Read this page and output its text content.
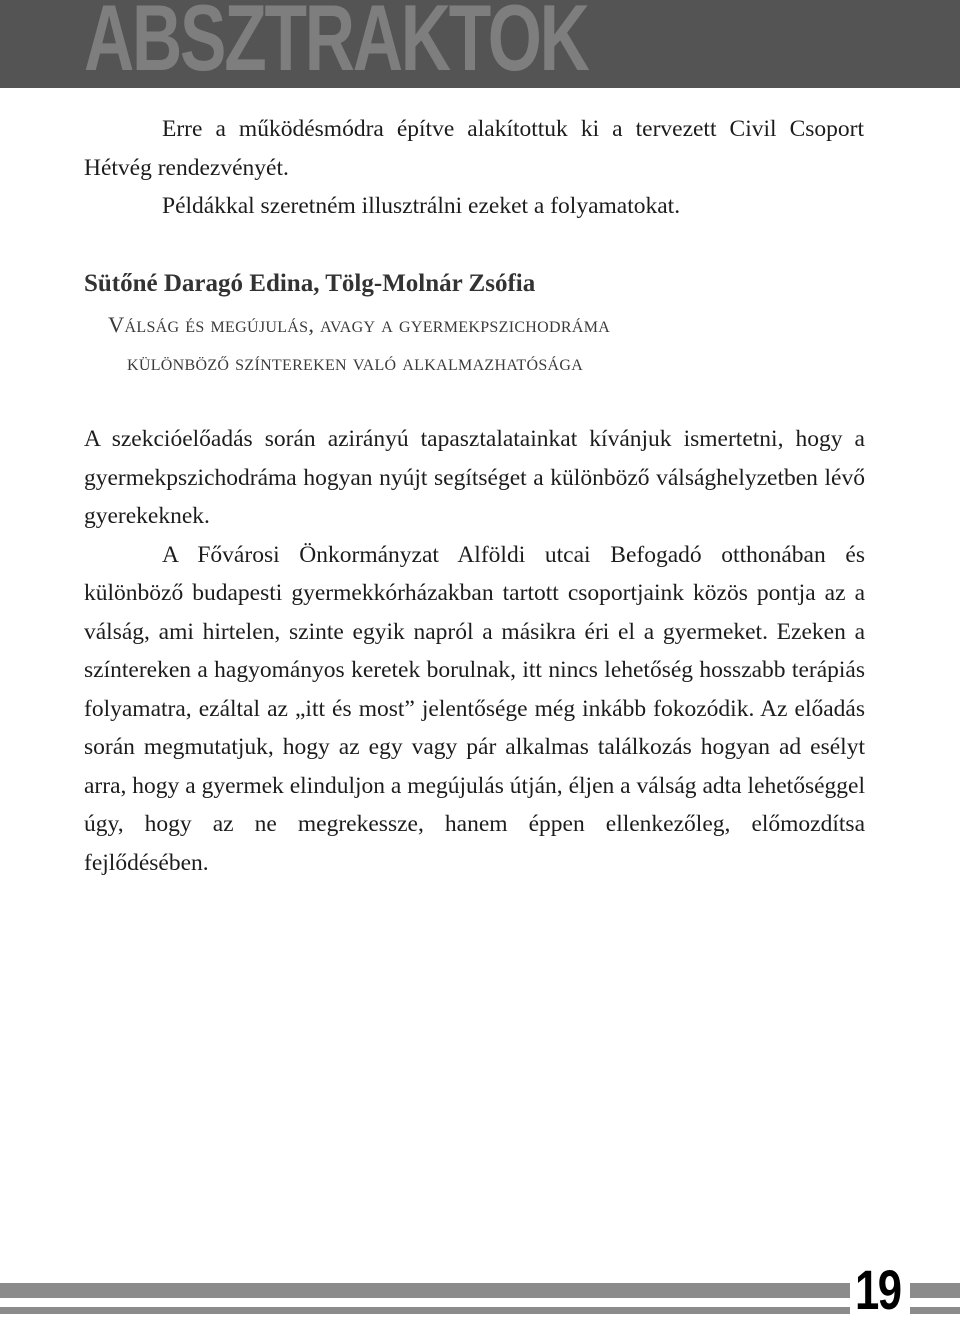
ABSZTRAKTOK

Erre a működésmódra építve alakítottuk ki a tervezett Civil Csoport Hétvég rendezvényét.

Példákkal szeretném illusztrálni ezeket a folyamatokat.

Sütőné Daragó Edina, Tölg-Molnár Zsófia
Válság és megújulás, avagy a gyermekpszichodráma
különböző színtereken való alkalmazhatósága

A szekcióelőadás során azirányú tapasztalatainkat kívánjuk ismertetni, hogy a gyermekpszichodráma hogyan nyújt segítséget a különböző válsághelyzetben lévő gyerekeknek.

A Fővárosi Önkormányzat Alföldi utcai Befogadó otthonában és különböző budapesti gyermekkórházakban tartott csoportjaink közös pontja az a válság, ami hirtelen, szinte egyik napról a másikra éri el a gyermeket. Ezeken a színtereken a hagyományos keretek borulnak, itt nincs lehetőség hosszabb terápiás folyamatra, ezáltal az „itt és most” jelentősége még inkább fokozódik. Az előadás során megmutatjuk, hogy az egy vagy pár alkalmas találkozás hogyan ad esélyt arra, hogy a gyermek elinduljon a megújulás útján, éljen a válság adta lehetőséggel úgy, hogy az ne megrekessze, hanem éppen ellenkezőleg, előmozdítsa fejlődésében.

19
